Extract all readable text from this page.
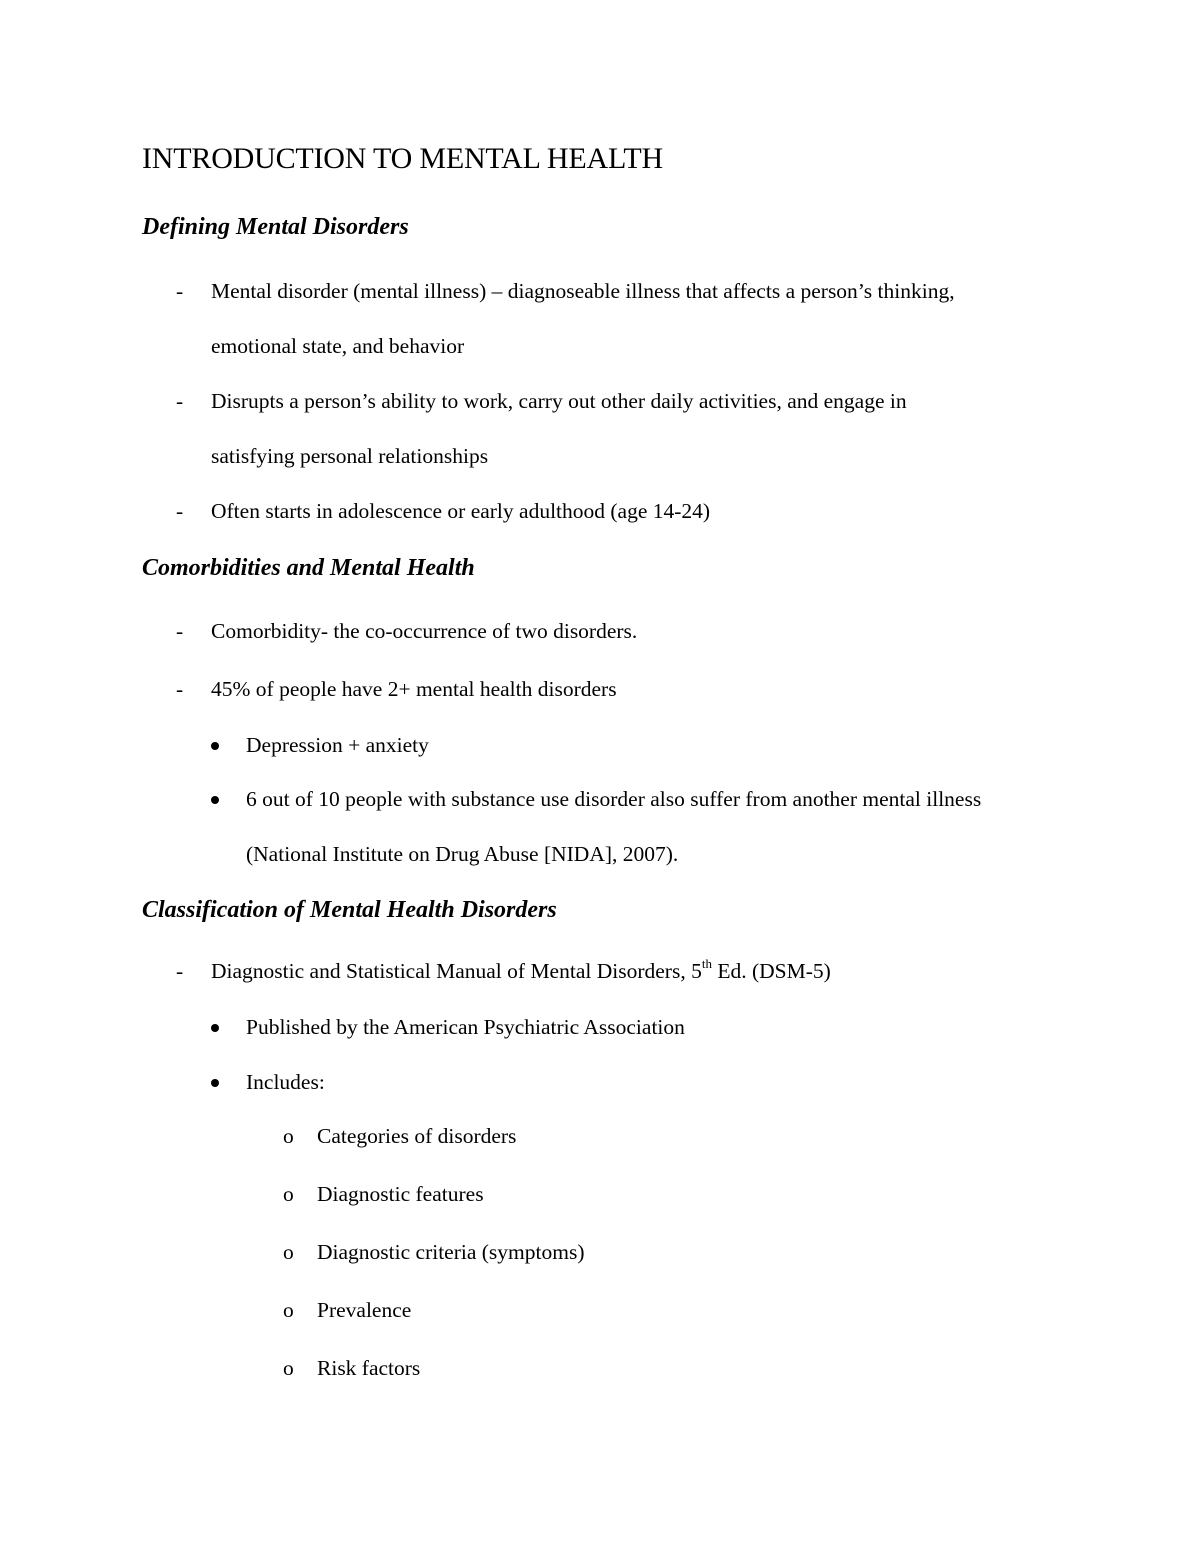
INTRODUCTION TO MENTAL HEALTH
Defining Mental Disorders
- Mental disorder (mental illness) – diagnoseable illness that affects a person’s thinking,
emotional state, and behavior
- Disrupts a person’s ability to work, carry out other daily activities, and engage in
satisfying personal relationships
- Often starts in adolescence or early adulthood (age 14-24)
Comorbidities and Mental Health
- Comorbidity- the co-occurrence of two disorders.
- 45% of people have 2+ mental health disorders
Depression + anxiety
6 out of 10 people with substance use disorder also suffer from another mental illness
(National Institute on Drug Abuse [NIDA], 2007).
Classification of Mental Health Disorders
- Diagnostic and Statistical Manual of Mental Disorders, 5th Ed. (DSM-5)
Published by the American Psychiatric Association
Includes:
o Categories of disorders
o Diagnostic features
o Diagnostic criteria (symptoms)
o Prevalence
o Risk factors
